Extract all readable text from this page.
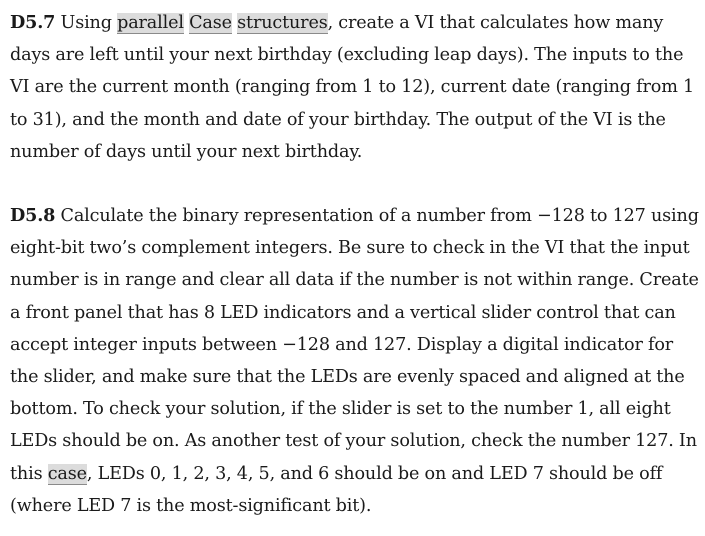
D5.7 Using parallel Case structures, create a VI that calculates how many days are left until your next birthday (excluding leap days). The inputs to the VI are the current month (ranging from 1 to 12), current date (ranging from 1 to 31), and the month and date of your birthday. The output of the VI is the number of days until your next birthday.

D5.8 Calculate the binary representation of a number from −128 to 127 using eight-bit two’s complement integers. Be sure to check in the VI that the input number is in range and clear all data if the number is not within range. Create a front panel that has 8 LED indicators and a vertical slider control that can accept integer inputs between −128 and 127. Display a digital indicator for the slider, and make sure that the LEDs are evenly spaced and aligned at the bottom. To check your solution, if the slider is set to the number 1, all eight LEDs should be on. As another test of your solution, check the number 127. In this case, LEDs 0, 1, 2, 3, 4, 5, and 6 should be on and LED 7 should be off (where LED 7 is the most-significant bit).
